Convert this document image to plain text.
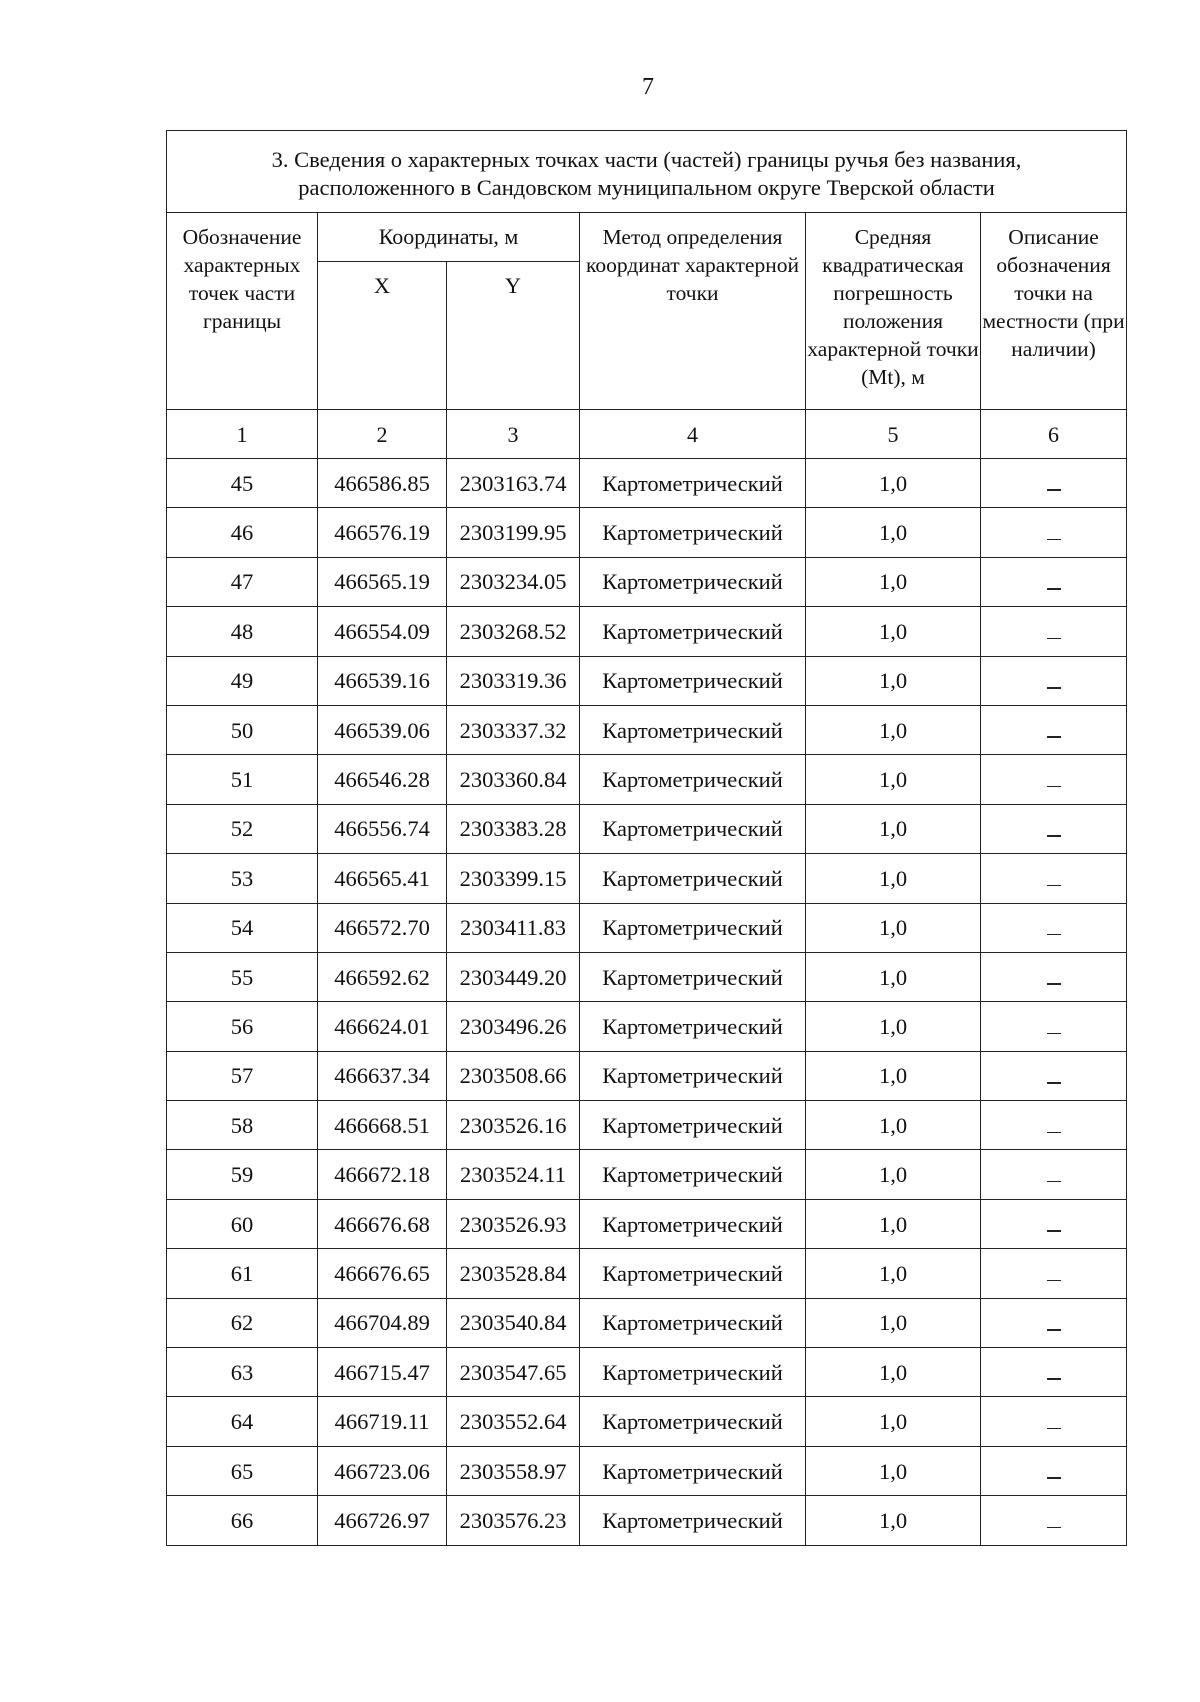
7
3. Сведения о характерных точках части (частей) границы ручья без названия,
расположенного в Сандовском муниципальном округе Тверской области					

Обозначение характерных точек части границы	Координаты, м		Метод определения координат характерной точки	Средняя квадратическая погрешность положения характерной точки (Mt), м	Описание обозначения точки на местности (при наличии)
	X	Y			
1	2	3	4	5	6
45	466586.85	2303163.74	Картометрический	1,0	
46	466576.19	2303199.95	Картометрический	1,0	
47	466565.19	2303234.05	Картометрический	1,0	
48	466554.09	2303268.52	Картометрический	1,0	
49	466539.16	2303319.36	Картометрический	1,0	
50	466539.06	2303337.32	Картометрический	1,0	
51	466546.28	2303360.84	Картометрический	1,0	
52	466556.74	2303383.28	Картометрический	1,0	
53	466565.41	2303399.15	Картометрический	1,0	
54	466572.70	2303411.83	Картометрический	1,0	
55	466592.62	2303449.20	Картометрический	1,0	
56	466624.01	2303496.26	Картометрический	1,0	
57	466637.34	2303508.66	Картометрический	1,0	
58	466668.51	2303526.16	Картометрический	1,0	
59	466672.18	2303524.11	Картометрический	1,0	
60	466676.68	2303526.93	Картометрический	1,0	
61	466676.65	2303528.84	Картометрический	1,0	
62	466704.89	2303540.84	Картометрический	1,0	
63	466715.47	2303547.65	Картометрический	1,0	
64	466719.11	2303552.64	Картометрический	1,0	
65	466723.06	2303558.97	Картометрический	1,0	
66	466726.97	2303576.23	Картометрический	1,0	
